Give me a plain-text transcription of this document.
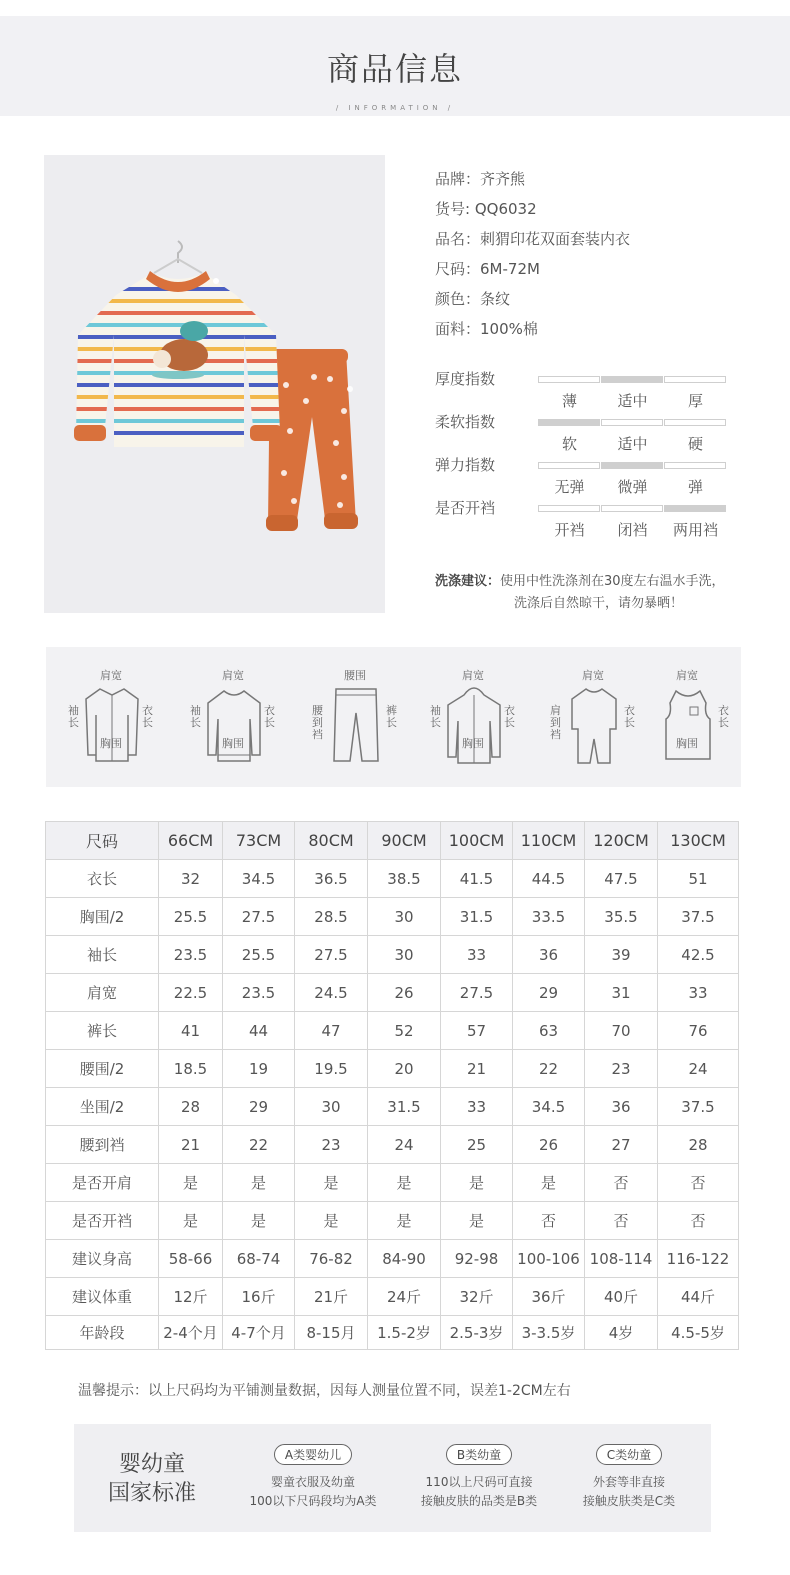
商品信息
/ INFORMATION /
品牌：齐齐熊
货号: QQ6032
品名：刺猬印花双面套装内衣
尺码：6M-72M
颜色：条纹
面料：100%棉
厚度指数
薄	适中	厚
柔软指数
软	适中	硬
弹力指数
无弹	微弹	弹
是否开裆
开裆	闭裆	两用裆
洗涤建议：使用中性洗涤剂在30度左右温水手洗，
洗涤后自然晾干，请勿暴晒！
肩宽
袖长
衣长
胸围
肩宽
袖长
衣长
胸围
腰围
腰到裆
裤长
肩宽
袖长
衣长
胸围
肩宽
肩到裆
衣长
肩宽
衣长
胸围
尺码	66CM	73CM	80CM	90CM	100CM	110CM	120CM	130CM
衣长	32	34.5	36.5	38.5	41.5	44.5	47.5	51
胸围/2	25.5	27.5	28.5	30	31.5	33.5	35.5	37.5
袖长	23.5	25.5	27.5	30	33	36	39	42.5
肩宽	22.5	23.5	24.5	26	27.5	29	31	33
裤长	41	44	47	52	57	63	70	76
腰围/2	18.5	19	19.5	20	21	22	23	24
坐围/2	28	29	30	31.5	33	34.5	36	37.5
腰到裆	21	22	23	24	25	26	27	28
是否开肩	是	是	是	是	是	是	否	否
是否开裆	是	是	是	是	是	否	否	否
建议身高	58-66	68-74	76-82	84-90	92-98	100-106	108-114	116-122
建议体重	12斤	16斤	21斤	24斤	32斤	36斤	40斤	44斤
年龄段	2-4个月	4-7个月	8-15月	1.5-2岁	2.5-3岁	3-3.5岁	4岁	4.5-5岁
温馨提示：以上尺码均为平铺测量数据，因每人测量位置不同，误差1-2CM左右
婴幼童
国家标准
A类婴幼儿
婴童衣服及幼童
100以下尺码段均为A类
B类幼童
110以上尺码可直接
接触皮肤的品类是B类
C类幼童
外套等非直接
接触皮肤类是C类
